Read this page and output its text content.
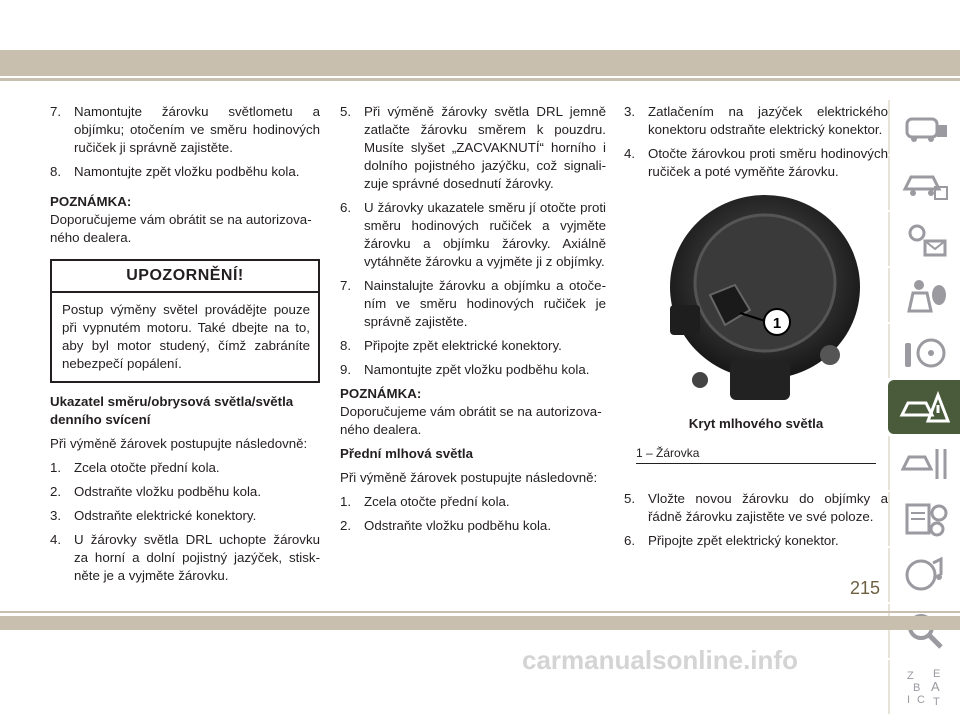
7. Namontujte žárovku světlometu a objímku; otočením ve směru hodinových ručiček ji správně zajistěte.
8. Namontujte zpět vložku podběhu kola.

POZNÁMKA:

Doporučujeme vám obrátit se na autorizovaného dealera.

UPOZORNĚNÍ!
Postup výměny světel provádějte pouze při vypnutém motoru. Také dbejte na to, aby byl motor studený, čímž zabráníte nebezpečí popálení.

Ukazatel směru/obrysová světla/světla denního svícení

Při výměně žárovek postupujte následovně:

1. Zcela otočte přední kola.
2. Odstraňte vložku podběhu kola.
3. Odstraňte elektrické konektory.
4. U žárovky světla DRL uchopte žárovku za horní a dolní pojistný jazýček, stiskněte je a vyjměte žárovku.
5. Při výměně žárovky světla DRL jemně zatlačte žárovku směrem k pouzdru. Musíte slyšet „ZACVAKNUTÍ“ horního i dolního pojistného jazýčku, což signalizuje správné dosednutí žárovky.
6. U žárovky ukazatele směru jí otočte proti směru hodinových ručiček a vyjměte žárovku a objímku žárovky. Axiálně vytáhněte žárovku a vyjměte ji z objímky.
7. Nainstalujte žárovku a objímku a otočením ve směru hodinových ručiček je správně zajistěte.
8. Připojte zpět elektrické konektory.
9. Namontujte zpět vložku podběhu kola.

POZNÁMKA:

Doporučujeme vám obrátit se na autorizovaného dealera.

Přední mlhová světla

Při výměně žárovek postupujte následovně:

1. Zcela otočte přední kola.
2. Odstraňte vložku podběhu kola.
3. Zatlačením na jazýček elektrického konektoru odstraňte elektrický konektor.
4. Otočte žárovkou proti směru hodinových ručiček a poté vyměňte žárovku.
1
Kryt mlhového světla
1 – Žárovka
5. Vložte novou žárovku do objímky a řádně žárovku zajistěte ve své poloze.
6. Připojte zpět elektrický konektor.
Z E
B A
I C T
215
carmanualsonline.info
